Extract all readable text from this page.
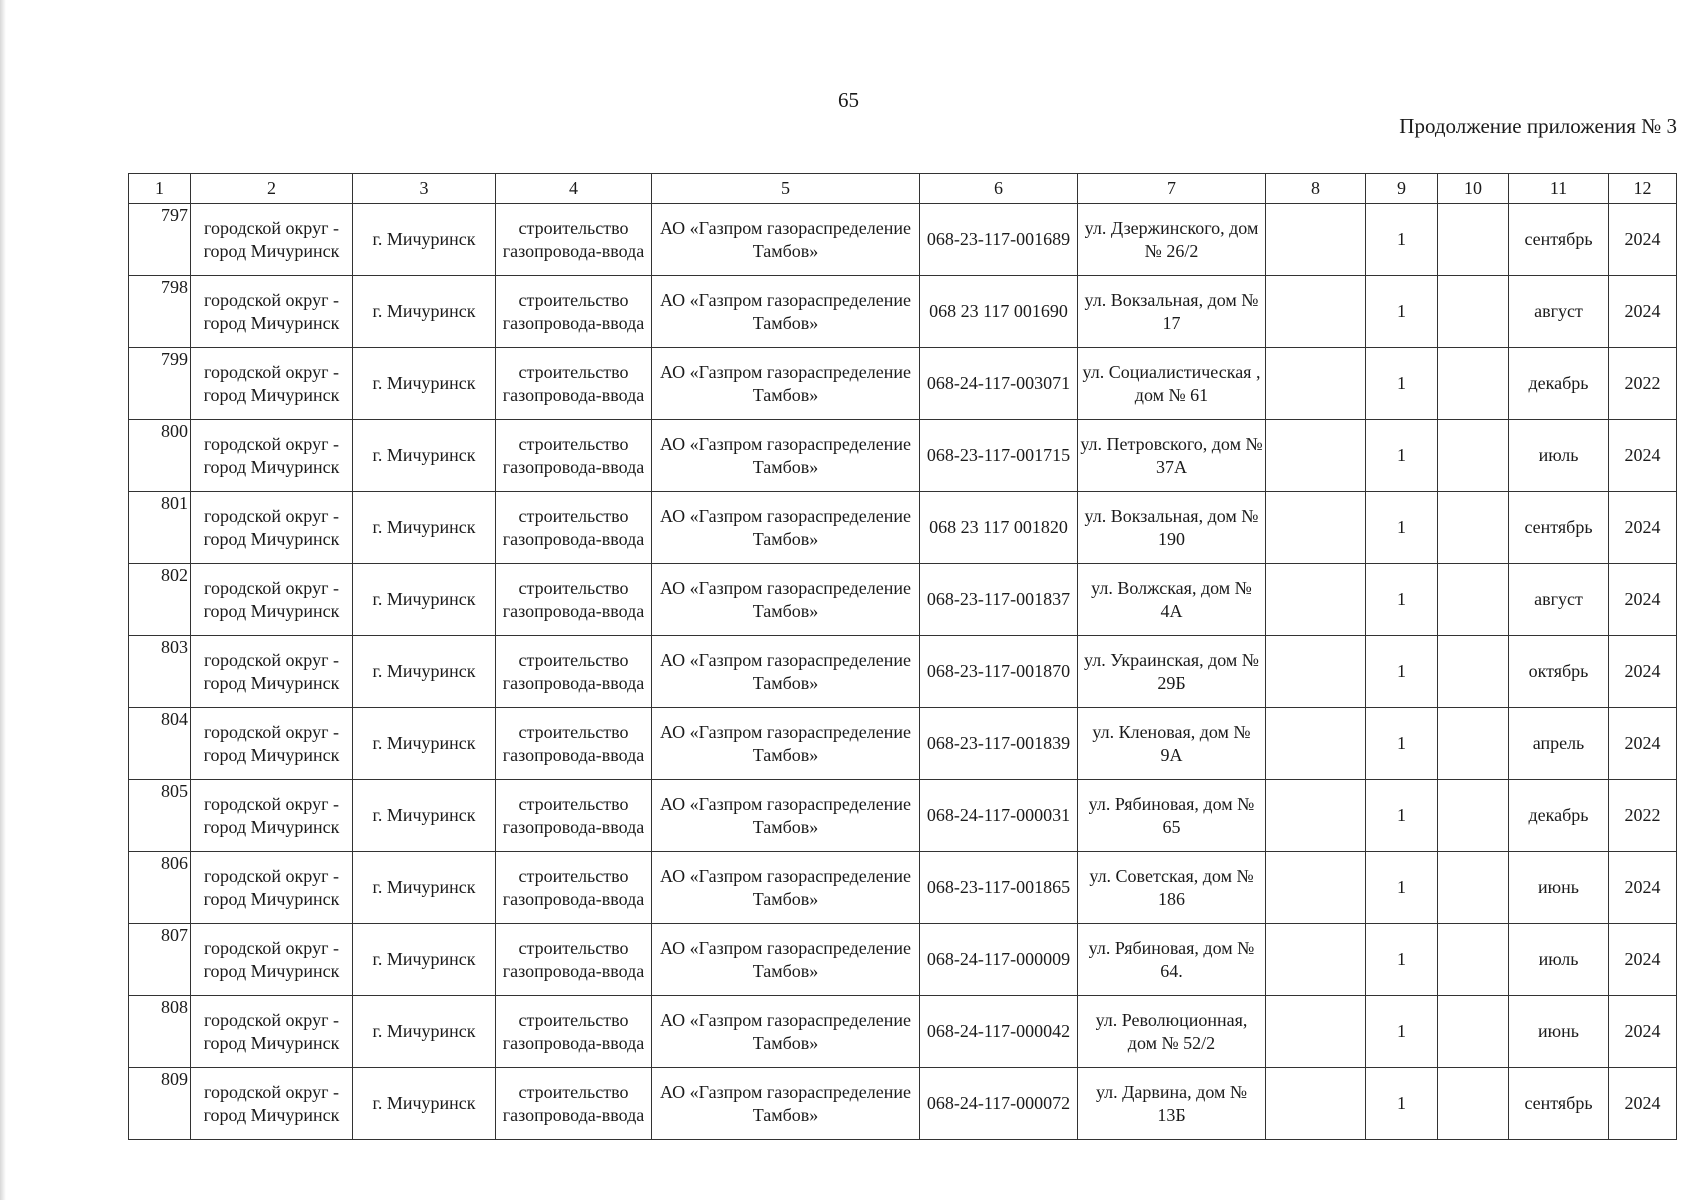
65
Продолжение приложения № 3
1	2	3	4	5	6	7	8	9	10	11	12
797	городской округ - город Мичуринск	г. Мичуринск	строительство газопровода-ввода	АО «Газпром газораспределение Тамбов»	068-23-117-001689	ул. Дзержинского, дом № 26/2		1		сентябрь	2024
798	городской округ - город Мичуринск	г. Мичуринск	строительство газопровода-ввода	АО «Газпром газораспределение Тамбов»	068 23 117 001690	ул. Вокзальная, дом № 17		1		август	2024
799	городской округ - город Мичуринск	г. Мичуринск	строительство газопровода-ввода	АО «Газпром газораспределение Тамбов»	068-24-117-003071	ул. Социалистическая , дом № 61		1		декабрь	2022
800	городской округ - город Мичуринск	г. Мичуринск	строительство газопровода-ввода	АО «Газпром газораспределение Тамбов»	068-23-117-001715	ул. Петровского, дом № 37А		1		июль	2024
801	городской округ - город Мичуринск	г. Мичуринск	строительство газопровода-ввода	АО «Газпром газораспределение Тамбов»	068 23 117 001820	ул. Вокзальная, дом № 190		1		сентябрь	2024
802	городской округ - город Мичуринск	г. Мичуринск	строительство газопровода-ввода	АО «Газпром газораспределение Тамбов»	068-23-117-001837	ул. Волжская, дом № 4А		1		август	2024
803	городской округ - город Мичуринск	г. Мичуринск	строительство газопровода-ввода	АО «Газпром газораспределение Тамбов»	068-23-117-001870	ул. Украинская, дом № 29Б		1		октябрь	2024
804	городской округ - город Мичуринск	г. Мичуринск	строительство газопровода-ввода	АО «Газпром газораспределение Тамбов»	068-23-117-001839	ул. Кленовая, дом № 9А		1		апрель	2024
805	городской округ - город Мичуринск	г. Мичуринск	строительство газопровода-ввода	АО «Газпром газораспределение Тамбов»	068-24-117-000031	ул. Рябиновая, дом № 65		1		декабрь	2022
806	городской округ - город Мичуринск	г. Мичуринск	строительство газопровода-ввода	АО «Газпром газораспределение Тамбов»	068-23-117-001865	ул. Советская, дом № 186		1		июнь	2024
807	городской округ - город Мичуринск	г. Мичуринск	строительство газопровода-ввода	АО «Газпром газораспределение Тамбов»	068-24-117-000009	ул. Рябиновая, дом № 64.		1		июль	2024
808	городской округ - город Мичуринск	г. Мичуринск	строительство газопровода-ввода	АО «Газпром газораспределение Тамбов»	068-24-117-000042	ул. Революционная, дом № 52/2		1		июнь	2024
809	городской округ - город Мичуринск	г. Мичуринск	строительство газопровода-ввода	АО «Газпром газораспределение Тамбов»	068-24-117-000072	ул. Дарвина, дом № 13Б		1		сентябрь	2024
